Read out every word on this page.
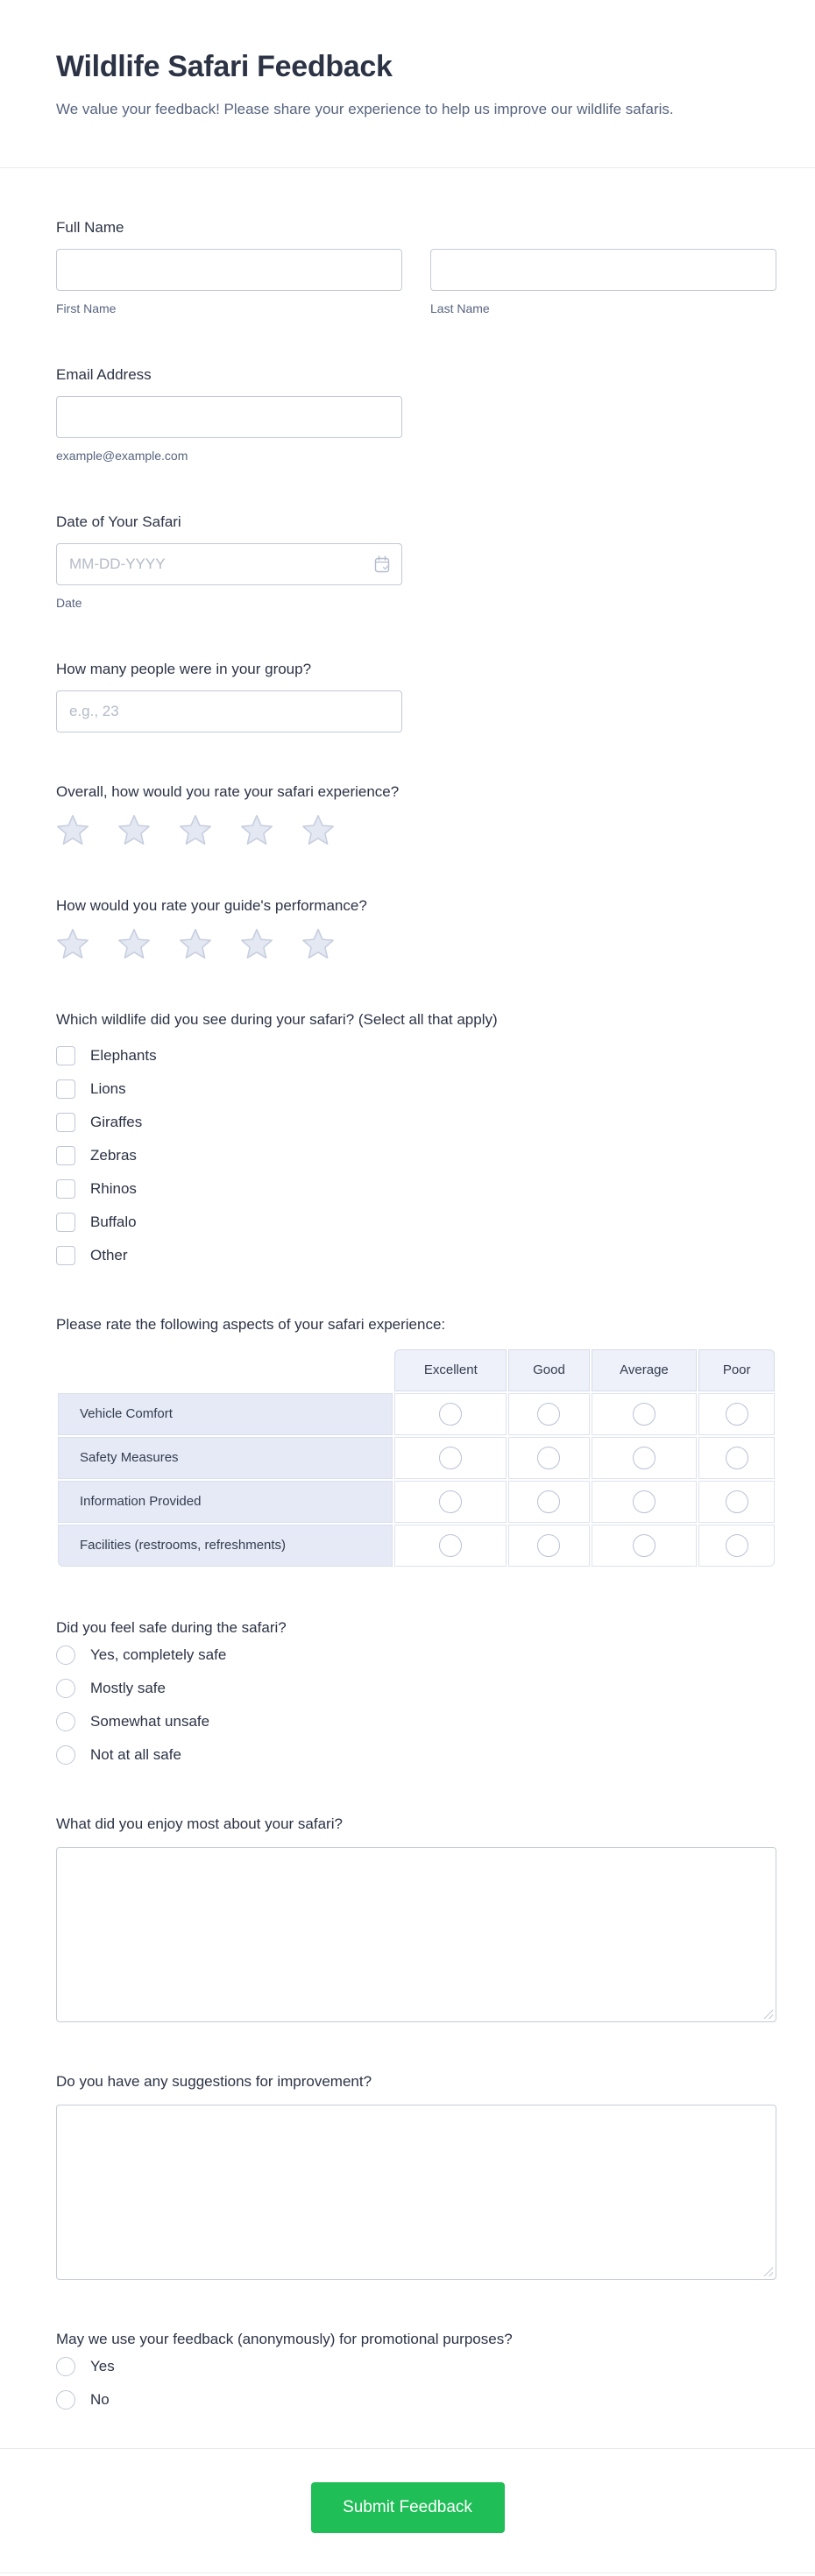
Wildlife Safari Feedback
We value your feedback! Please share your experience to help us improve our wildlife safaris.
Full Name
First Name	Last Name
Email Address
example@example.com
Date of Your Safari
MM-DD-YYYY
Date
How many people were in your group?
e.g., 23
Overall, how would you rate your safari experience?
How would you rate your guide's performance?
Which wildlife did you see during your safari? (Select all that apply)
Elephants
Lions
Giraffes
Zebras
Rhinos
Buffalo
Other
Please rate the following aspects of your safari experience:
	Excellent	Good	Average	Poor
Vehicle Comfort				
Safety Measures				
Information Provided				
Facilities (restrooms, refreshments)				
Did you feel safe during the safari?
Yes, completely safe
Mostly safe
Somewhat unsafe
Not at all safe
What did you enjoy most about your safari?
Do you have any suggestions for improvement?
May we use your feedback (anonymously) for promotional purposes?
Yes
No
Submit Feedback
